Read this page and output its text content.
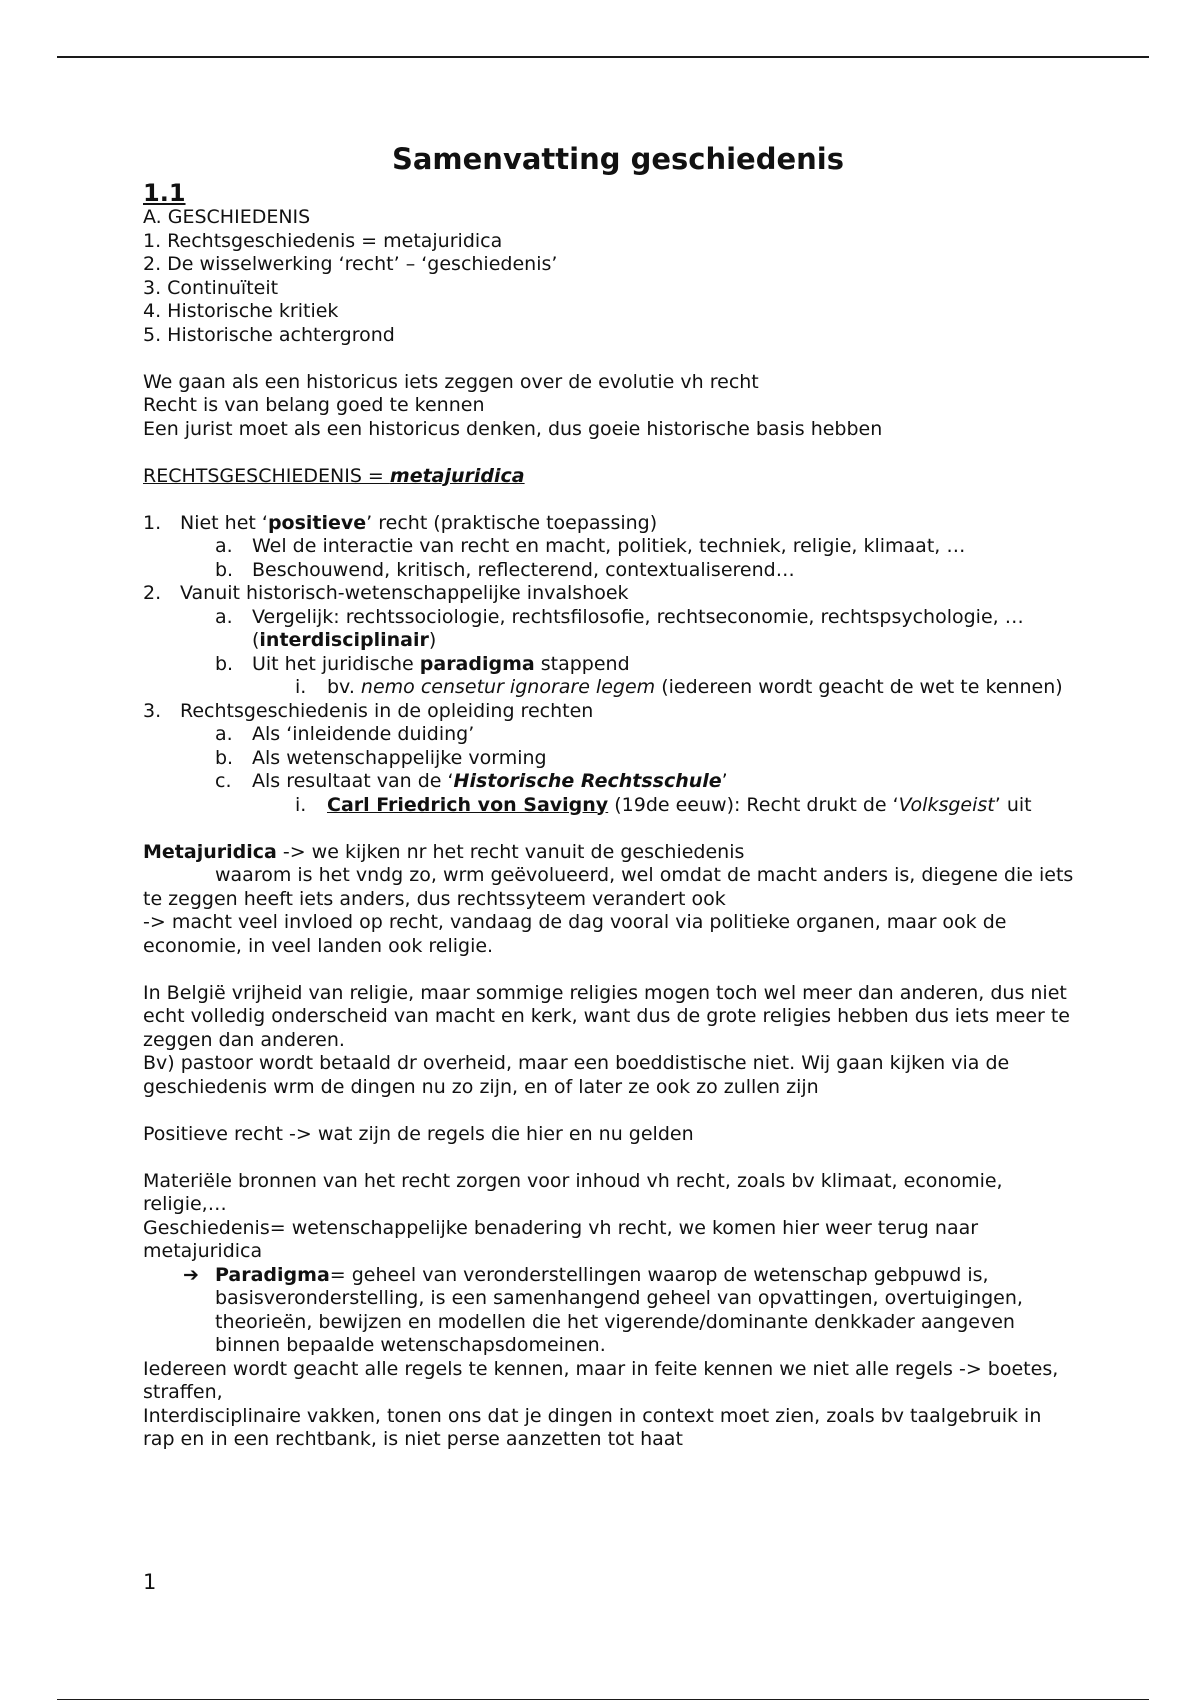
Samenvatting geschiedenis
1.1

A. GESCHIEDENIS

1. Rechtsgeschiedenis = metajuridica

2. De wisselwerking ‘recht’ – ‘geschiedenis’

3. Continuïteit

4. Historische kritiek

5. Historische achtergrond

We gaan als een historicus iets zeggen over de evolutie vh recht

Recht is van belang goed te kennen

Een jurist moet als een historicus denken, dus goeie historische basis hebben

RECHTSGESCHIEDENIS = metajuridica

1. Niet het ‘positieve’ recht (praktische toepassing)
a.	Wel de interactie van recht en macht, politiek, techniek, religie, klimaat, …
b. Beschouwend, kritisch, reflecterend, contextualiserend…
2. Vanuit historisch-wetenschappelijke invalshoek
a.	Vergelijk: rechtssociologie, rechtsfilosofie, rechtseconomie, rechtspsychologie, … (interdisciplinair)
b. Uit het juridische paradigma stappend
i.	bv. nemo censetur ignorare legem (iedereen wordt geacht de wet te kennen)
3. Rechtsgeschiedenis in de opleiding rechten
a.	Als ‘inleidende duiding’
b. Als wetenschappelijke vorming
c.	Als resultaat van de ‘Historische Rechtsschule’
i.	Carl Friedrich von Savigny (19de eeuw): Recht drukt de ‘Volksgeist’ uit

Metajuridica -> we kijken nr het recht vanuit de geschiedenis

waarom is het vndg zo, wrm geëvolueerd, wel omdat de macht anders is, diegene die iets te zeggen heeft iets anders, dus rechtssyteem verandert ook

-> macht veel invloed op recht, vandaag de dag vooral via politieke organen, maar ook de economie, in veel landen ook religie.

In België vrijheid van religie, maar sommige religies mogen toch wel meer dan anderen, dus niet echt volledig onderscheid van macht en kerk, want dus de grote religies hebben dus iets meer te zeggen dan anderen.

Bv) pastoor wordt betaald dr overheid, maar een boeddistische niet. Wij gaan kijken via de geschiedenis wrm de dingen nu zo zijn, en of later ze ook zo zullen zijn

Positieve recht -> wat zijn de regels die hier en nu gelden

Materiële bronnen van het recht zorgen voor inhoud vh recht, zoals bv klimaat, economie, religie,…

Geschiedenis= wetenschappelijke benadering vh recht, we komen hier weer terug naar metajuridica

➔ Paradigma= geheel van veronderstellingen waarop de wetenschap gebpuwd is, basisveronderstelling, is een samenhangend geheel van opvattingen, overtuigingen, theorieën, bewijzen en modellen die het vigerende/dominante denkkader aangeven binnen bepaalde wetenschapsdomeinen.

Iedereen wordt geacht alle regels te kennen, maar in feite kennen we niet alle regels -> boetes, straffen,

Interdisciplinaire vakken, tonen ons dat je dingen in context moet zien, zoals bv taalgebruik in rap en in een rechtbank, is niet perse aanzetten tot haat

1
